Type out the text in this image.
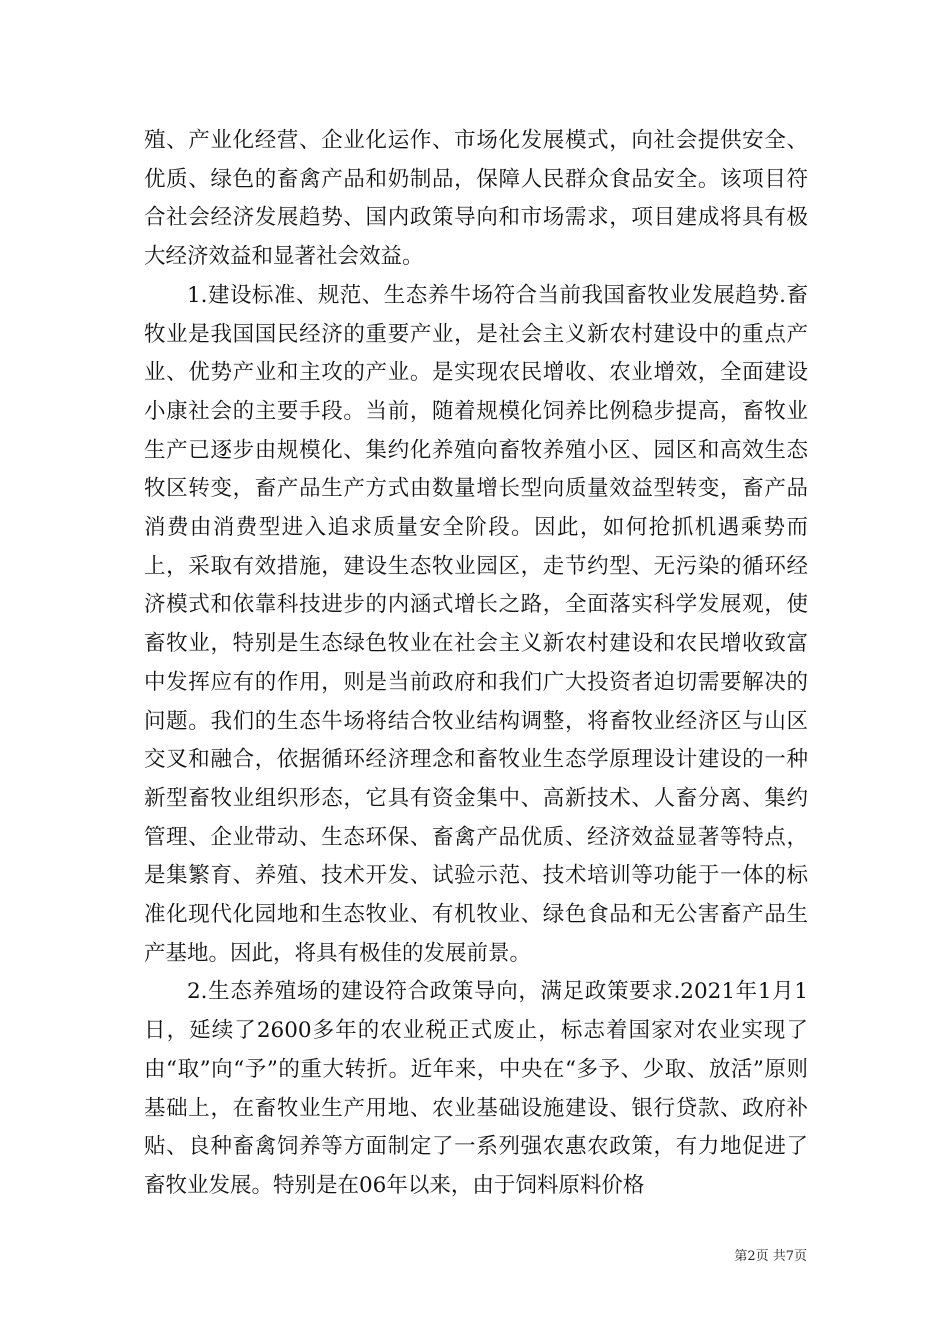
殖、产业化经营、企业化运作、市场化发展模式，向社会提供安全、优质、绿色的畜禽产品和奶制品，保障人民群众食品安全。该项目符合社会经济发展趋势、国内政策导向和市场需求，项目建成将具有极大经济效益和显著社会效益。

1.建设标准、规范、生态养牛场符合当前我国畜牧业发展趋势.畜牧业是我国国民经济的重要产业，是社会主义新农村建设中的重点产业、优势产业和主攻的产业。是实现农民增收、农业增效，全面建设小康社会的主要手段。当前，随着规模化饲养比例稳步提高，畜牧业生产已逐步由规模化、集约化养殖向畜牧养殖小区、园区和高效生态牧区转变，畜产品生产方式由数量增长型向质量效益型转变，畜产品消费由消费型进入追求质量安全阶段。因此，如何抢抓机遇乘势而上，采取有效措施，建设生态牧业园区，走节约型、无污染的循环经济模式和依靠科技进步的内涵式增长之路，全面落实科学发展观，使畜牧业，特别是生态绿色牧业在社会主义新农村建设和农民增收致富中发挥应有的作用，则是当前政府和我们广大投资者迫切需要解决的问题。我们的生态牛场将结合牧业结构调整，将畜牧业经济区与山区交叉和融合，依据循环经济理念和畜牧业生态学原理设计建设的一种新型畜牧业组织形态，它具有资金集中、高新技术、人畜分离、集约管理、企业带动、生态环保、畜禽产品优质、经济效益显著等特点，是集繁育、养殖、技术开发、试验示范、技术培训等功能于一体的标准化现代化园地和生态牧业、有机牧业、绿色食品和无公害畜产品生产基地。因此，将具有极佳的发展前景。

2.生态养殖场的建设符合政策导向，满足政策要求.2021年1月1日，延续了2600多年的农业税正式废止，标志着国家对农业实现了由“取”向“予”的重大转折。近年来，中央在“多予、少取、放活”原则基础上，在畜牧业生产用地、农业基础设施建设、银行贷款、政府补贴、良种畜禽饲养等方面制定了一系列强农惠农政策，有力地促进了畜牧业发展。特别是在06年以来，由于饲料原料价格

第2页 共7页
